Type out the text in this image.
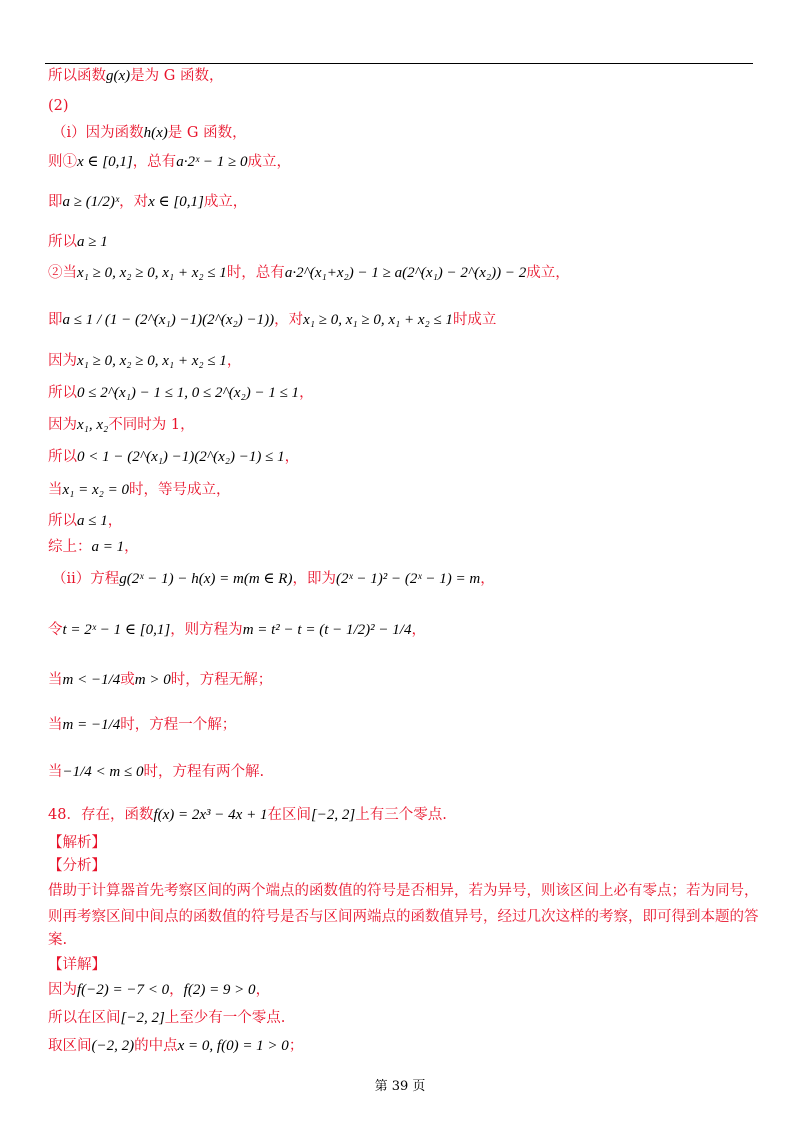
所以函数g(x)是为 G 函数，
(2)
（i）因为函数h(x)是 G 函数，
则①x ∈ [0,1]，总有a·2ˣ − 1 ≥ 0成立，
即a ≥ (1/2)ˣ，对x ∈ [0,1]成立，
所以a ≥ 1
②当x₁ ≥ 0, x₂ ≥ 0, x₁ + x₂ ≤ 1时，总有a·2^(x₁+x₂) − 1 ≥ a(2^(x₁) − 2^(x₂)) − 2成立，
即a ≤ 1 / (1 − (2^(x₁) −1)(2^(x₂) −1))，对x₁ ≥ 0, x₁ ≥ 0, x₁ + x₂ ≤ 1时成立
因为x₁ ≥ 0, x₂ ≥ 0, x₁ + x₂ ≤ 1，
所以0 ≤ 2^(x₁) − 1 ≤ 1, 0 ≤ 2^(x₂) − 1 ≤ 1，
因为x₁, x₂不同时为 1，
所以0 < 1 − (2^(x₁) −1)(2^(x₂) −1) ≤ 1，
当x₁ = x₂ = 0时，等号成立，
所以a ≤ 1，
综上：a = 1，
（ii）方程g(2ˣ − 1) − h(x) = m(m ∈ R)，即为(2ˣ − 1)² − (2ˣ − 1) = m，
令t = 2ˣ − 1 ∈ [0,1]，则方程为m = t² − t = (t − 1/2)² − 1/4，
当m < −1/4或m > 0时，方程无解；
当m = −1/4时，方程一个解；
当−1/4 < m ≤ 0时，方程有两个解.
48．存在，函数f(x) = 2x³ − 4x + 1在区间[−2, 2]上有三个零点.
【解析】
【分析】
借助于计算器首先考察区间的两个端点的函数值的符号是否相异，若为异号，则该区间上必有零点；若为同号，
则再考察区间中间点的函数值的符号是否与区间两端点的函数值异号，经过几次这样的考察，即可得到本题的答
案.
【详解】
因为f(−2) = −7 < 0，f(2) = 9 > 0，
所以在区间[−2, 2]上至少有一个零点.
取区间(−2, 2)的中点x = 0, f(0) = 1 > 0；
第 39 页
